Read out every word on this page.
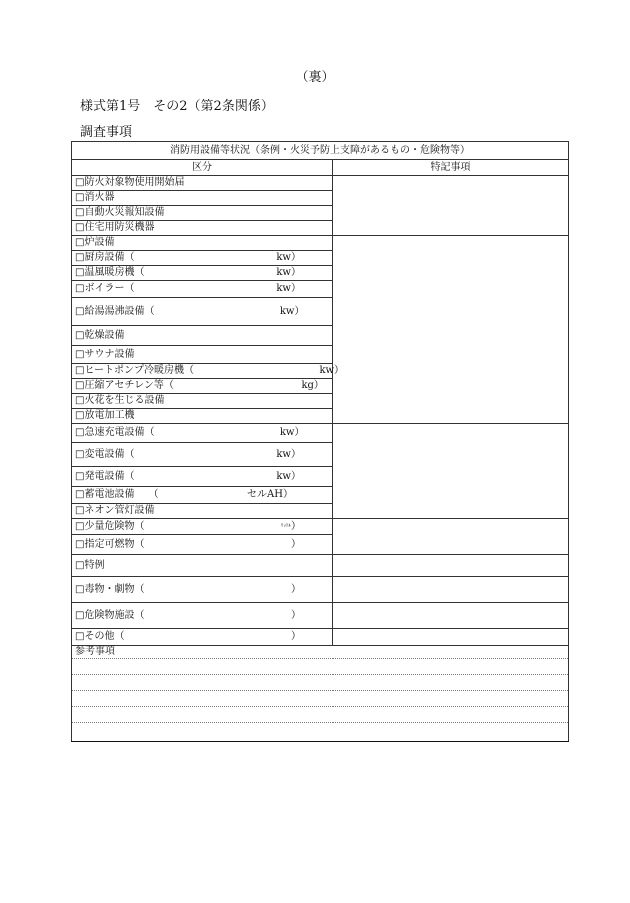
（裏）
様式第1号　その2（第2条関係）
調査事項
消防用設備等状況（条例・火災予防上支障があるもの・危険物等）	
区分	特記事項

□防火対象物使用開始届	

□消火器	

□自動火災報知設備	

□住宅用防災機器	

□炉設備	

□厨房設備（ kw）	

□温風暖房機（ kw）	

□ボイラー（ kw）	

□給湯湯沸設備（ kw）	

□乾燥設備	

□サウナ設備	

□ヒートポンプ冷暖房機（ kw）	

□圧縮アセチレン等（ kg）	

□火花を生じる設備	

□放電加工機	

□急速充電設備（ kw）	

□変電設備（ kw）	

□発電設備（ kw）	

□蓄電池設備 （ セルAH）	

□ネオン管灯設備	

□少量危険物（ ﾘｯﾄﾙ ）	

□指定可燃物（ ）	

□特例	

□毒物・劇物（ ）	

□危険物施設（ ）	

□その他（ ）	

参考事項	
